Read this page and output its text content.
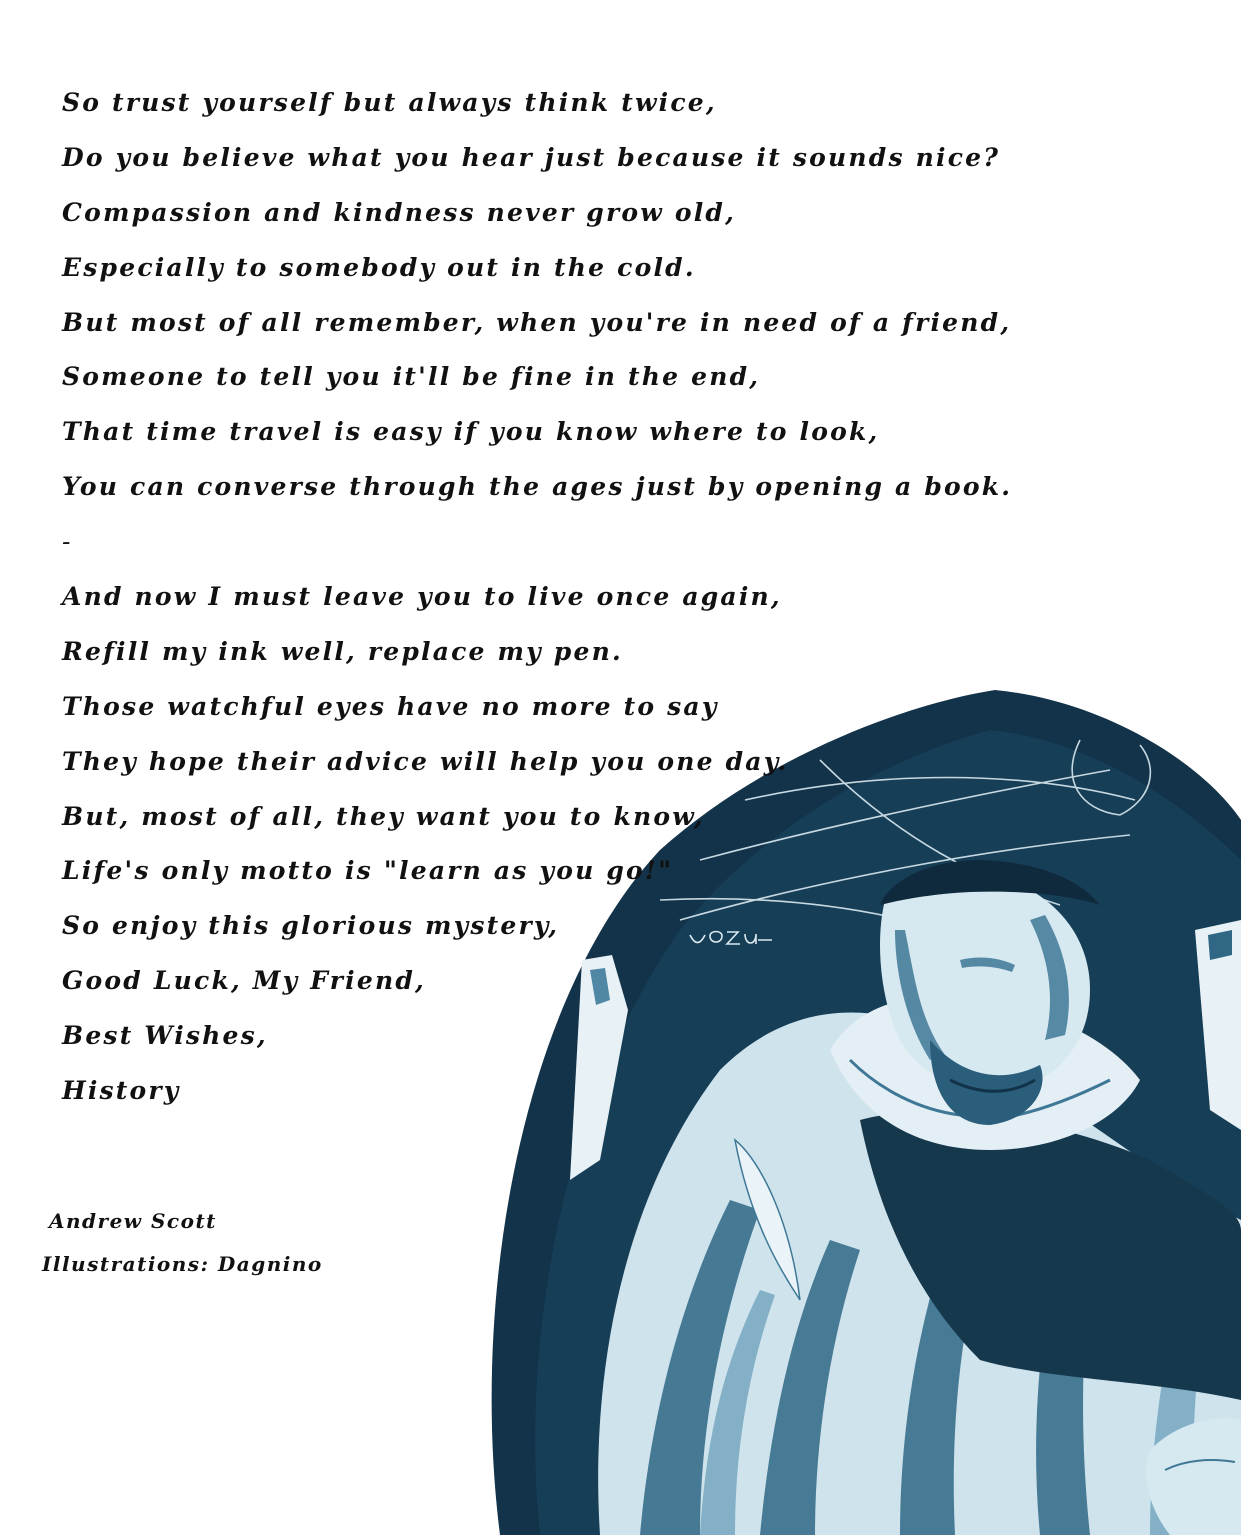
So trust yourself but always think twice,
Do you believe what you hear just because it sounds nice?
Compassion and kindness never grow old,
Especially to somebody out in the cold.
But most of all remember, when you're in need of a friend,
Someone to tell you it'll be fine in the end,
That time travel is easy if you know where to look,
You can converse through the ages just by opening a book.
-
And now I must leave you to live once again,
Refill my ink well, replace my pen.
Those watchful eyes have no more to say
They hope their advice will help you one day.
But, most of all, they want you to know,
Life's only motto is "learn as you go!"
So enjoy this glorious mystery,
Good Luck, My Friend,
Best Wishes,
History
Andrew Scott
Illustrations: Dagnino
